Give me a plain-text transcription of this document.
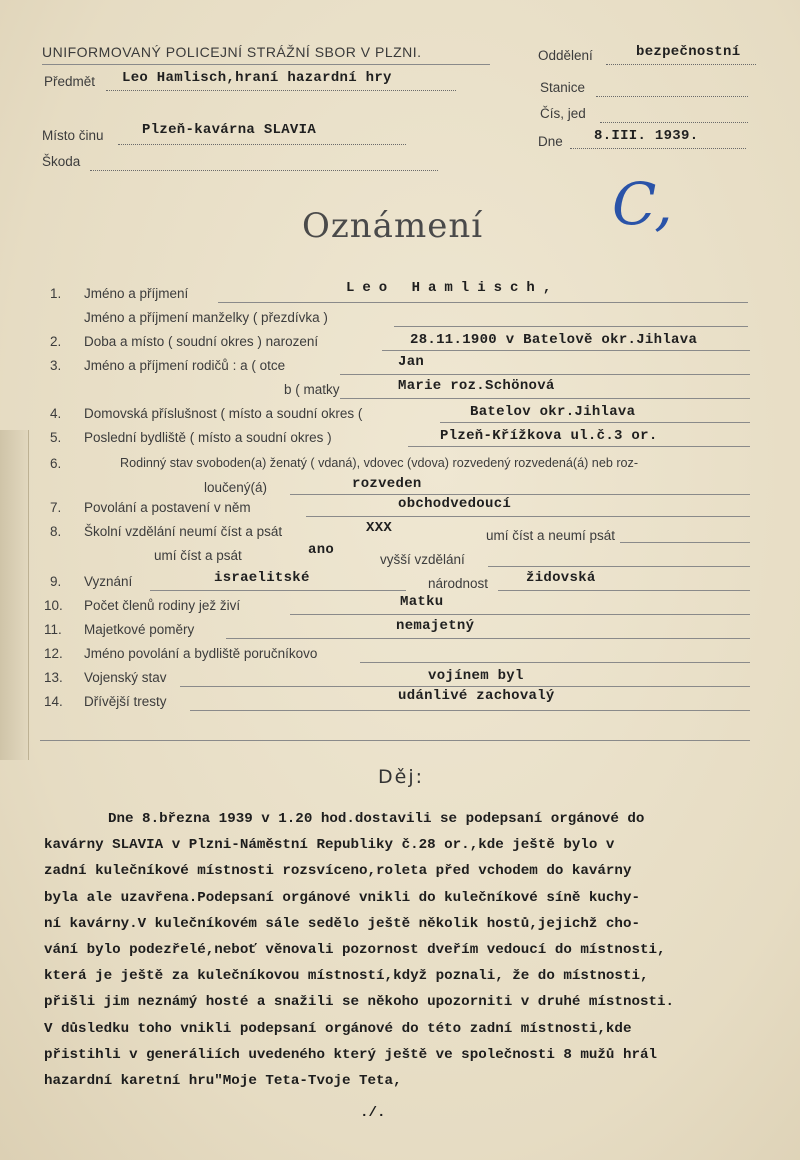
UNIFORMOVANÝ POLICEJNÍ STRÁŽNÍ SBOR V PLZNI.
Předmět Leo Hamlisch,hraní hazardní hry
Místo činu	Plzeň-kavárna SLAVIA
Škoda
Oddělení	bezpečnostní
Stanice
Čís, jed
Dne 8.III. 1939.
Oznámení C,
1. Jméno a příjmení	Leo Hamlisch,
Jméno a příjmení manželky ( přezdívka )
2. Doba a místo ( soudní okres ) narození	28.11.1900 v Batelově okr.Jihlava
3. Jméno a příjmení rodičů : a ( otce	Jan
b ( matky	Marie roz.Schönová
4. Domovská příslušnost ( místo a soudní okres (	Batelov okr.Jihlava
5. Poslední bydliště ( místo a soudní okres )	Plzeň-Křížkova ul.č.3 or.
6.	Rodinný stav svoboden(a) ženatý ( vdaná), vdovec (vdova) rozvedený rozvedená(á) neb roz-
loučený(á)	rozveden
7. Povolání a postavení v něm	obchodvedoucí
8. Školní vzdělání neumí číst a psát	XXX	umí číst a neumí psát
umí číst a psát	ano
vyšší vzdělání
9. Vyznání	israelitské	národnost	židovská
10. Počet členů rodiny jež živí	Matku
11. Majetkové poměry	nemajetný
12. Jméno povolání a bydliště poručníkovo
13. Vojenský stav	vojínem byl
14. Dřívější tresty	udánlivé zachovalý
Děj:
Dne 8.března 1939 v 1.20 hod.dostavili se podepsaní orgánové do
kavárny SLAVIA v Plzni-Náměstní Republiky č.28 or.,kde ještě bylo v
zadní kulečníkové místnosti rozsvíceno,roleta před vchodem do kavárny
byla ale uzavřena.Podepsaní orgánové vnikli do kulečníkové síně kuchy-
ní kavárny.V kulečníkovém sále sedělo ještě několik hostů,jejichž cho-
vání bylo podezřelé,neboť věnovali pozornost dveřím vedoucí do místnosti,
která je ještě za kulečníkovou místností,když poznali, že do místnosti,
přišli jim neznámý hosté a snažili se někoho upozorniti v druhé místnosti.
V důsledku toho vnikli podepsaní orgánové do této zadní místnosti,kde
přistihli v generáliích uvedeného který ještě ve společnosti 8 mužů hrál
hazardní karetní hru"Moje Teta-Tvoje Teta,
./.
